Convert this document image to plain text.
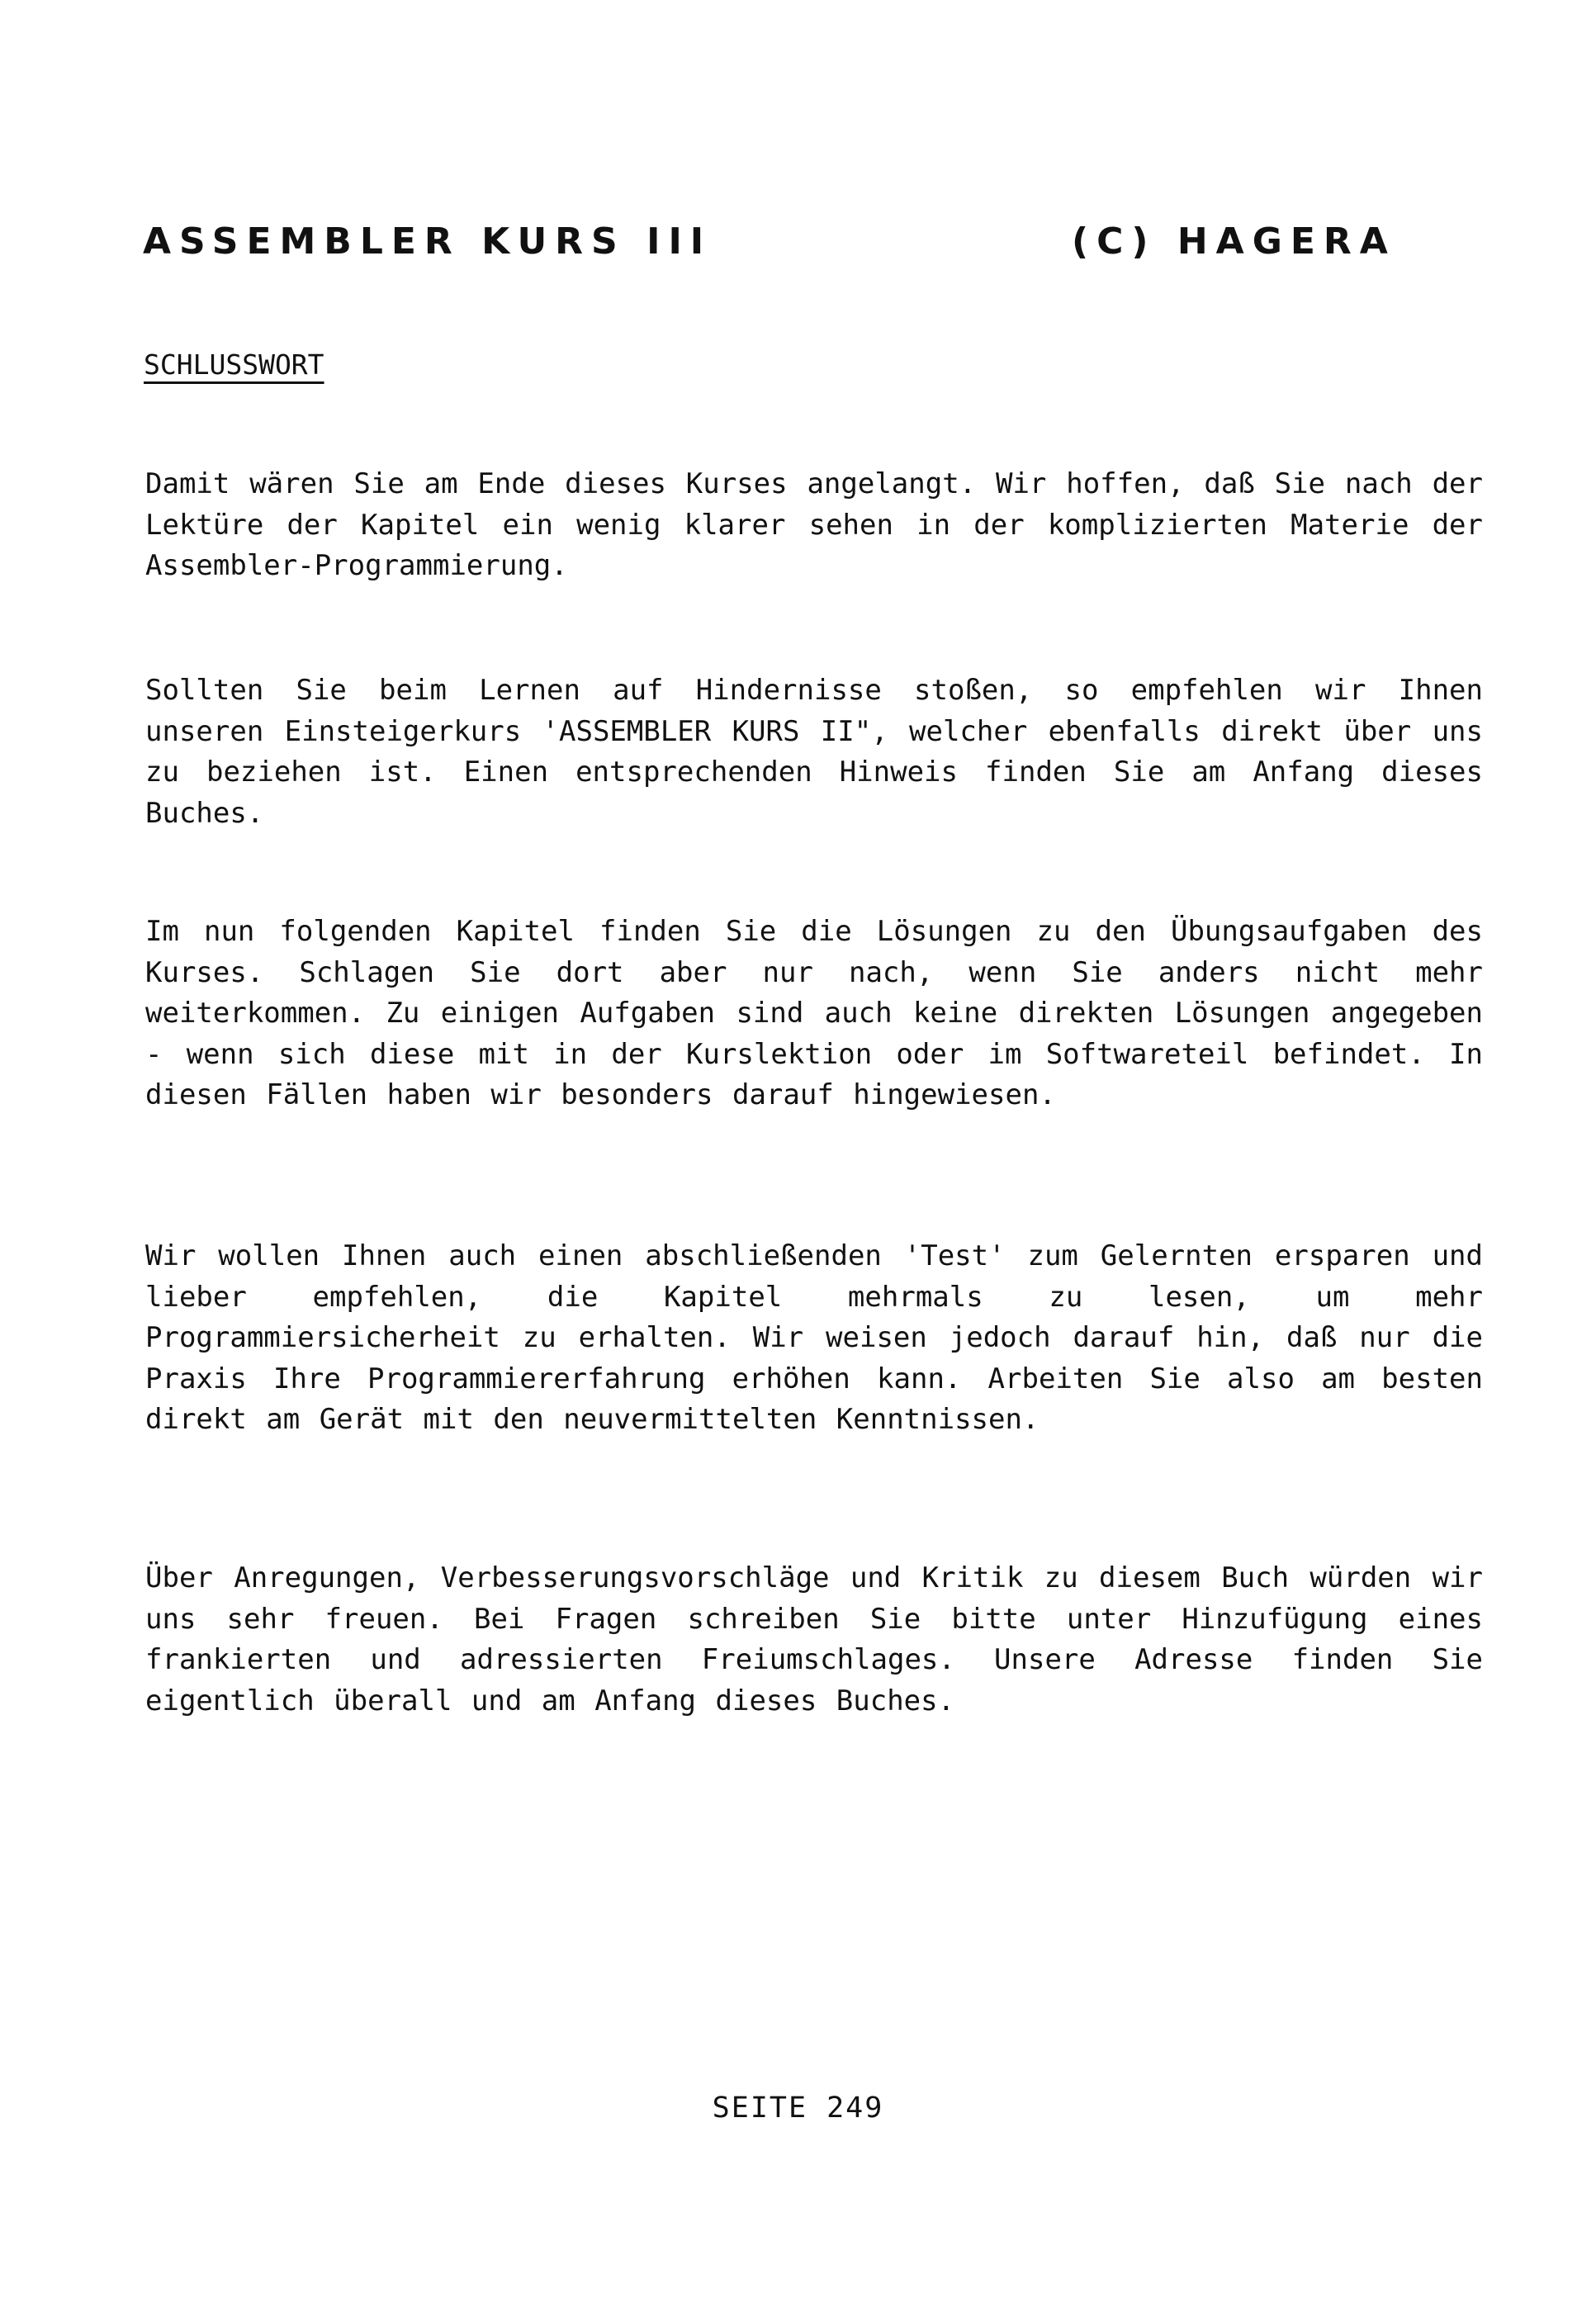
ASSEMBLER KURS III	(C) HAGERA
SCHLUSSWORT

Damit wären Sie am Ende dieses Kurses angelangt. Wir hoffen, daß Sie nach der Lektüre der Kapitel ein wenig klarer sehen in der komplizierten Materie der Assembler-Programmierung.

Sollten Sie beim Lernen auf Hindernisse stoßen, so empfehlen wir Ihnen unseren Einsteigerkurs 'ASSEMBLER KURS II", welcher ebenfalls direkt über uns zu beziehen ist. Einen entsprechenden Hinweis finden Sie am Anfang dieses Buches.

Im nun folgenden Kapitel finden Sie die Lösungen zu den Übungsaufgaben des Kurses. Schlagen Sie dort aber nur nach, wenn Sie anders nicht mehr weiterkommen. Zu einigen Aufgaben sind auch keine direkten Lösungen angegeben - wenn sich diese mit in der Kurslektion oder im Softwareteil befindet. In diesen Fällen haben wir besonders darauf hingewiesen.

Wir wollen Ihnen auch einen abschließenden 'Test' zum Gelernten ersparen und lieber empfehlen, die Kapitel mehrmals zu lesen, um mehr Programmiersicherheit zu erhalten. Wir weisen jedoch darauf hin, daß nur die Praxis Ihre Programmiererfahrung erhöhen kann. Arbeiten Sie also am besten direkt am Gerät mit den neuvermittelten Kenntnissen.

Über Anregungen, Verbesserungsvorschläge und Kritik zu diesem Buch würden wir uns sehr freuen. Bei Fragen schreiben Sie bitte unter Hinzufügung eines frankierten und adressierten Freiumschlages. Unsere Adresse finden Sie eigentlich überall und am Anfang dieses Buches.

SEITE 249
